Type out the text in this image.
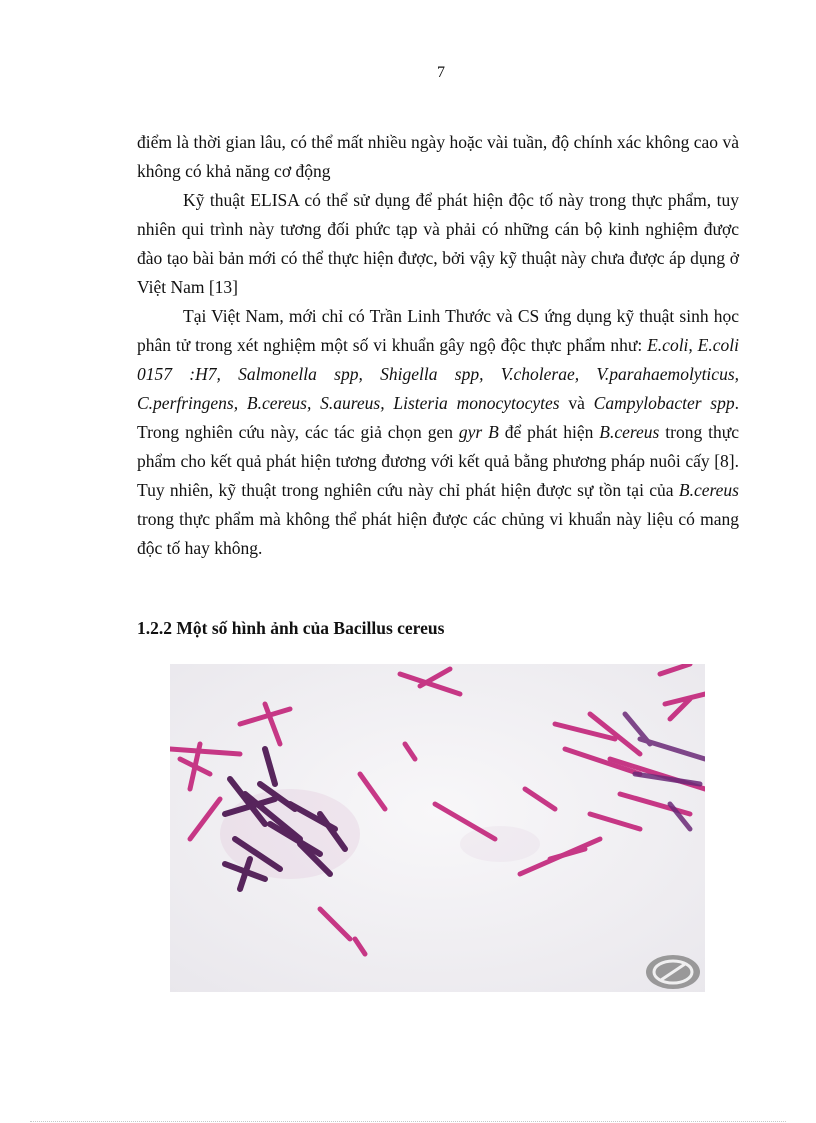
7

điểm là thời gian lâu, có thể mất nhiều ngày hoặc vài tuần, độ chính xác không cao và không có khả năng cơ động

Kỹ thuật ELISA có thể sử dụng để phát hiện độc tố này trong thực phẩm, tuy nhiên qui trình này tương đối phức tạp và phải có những cán bộ kinh nghiệm được đào tạo bài bản mới có thể thực hiện được, bởi vậy kỹ thuật này chưa được áp dụng ở Việt Nam [13]

Tại Việt Nam, mới chỉ có Trần Linh Thước và CS ứng dụng kỹ thuật sinh học phân tử trong xét nghiệm một số vi khuẩn gây ngộ độc thực phẩm như: E.coli, E.coli 0157 :H7, Salmonella spp, Shigella spp, V.cholerae, V.parahaemolyticus, C.perfringens, B.cereus, S.aureus, Listeria monocytocytes và Campylobacter spp. Trong nghiên cứu này, các tác giả chọn gen gyr B để phát hiện B.cereus trong thực phẩm cho kết quả phát hiện tương đương với kết quả bằng phương pháp nuôi cấy [8]. Tuy nhiên, kỹ thuật trong nghiên cứu này chỉ phát hiện được sự tồn tại của B.cereus trong thực phẩm mà không thể phát hiện được các chủng vi khuẩn này liệu có mang độc tố hay không.

1.2.2 Một số hình ảnh của Bacillus cereus
